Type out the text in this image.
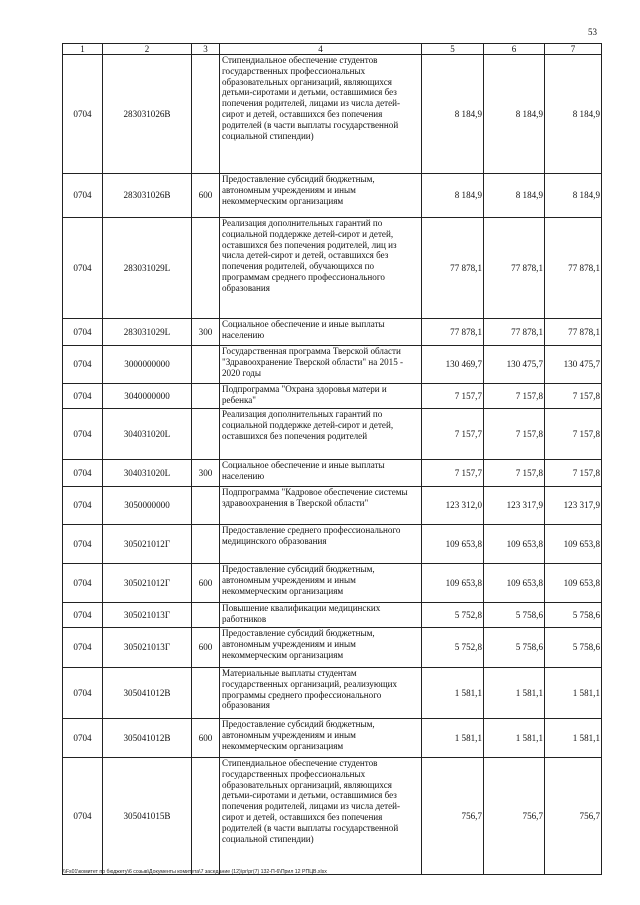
53
1	2	3	4	5	6	7
0704	283031026В		Стипендиальное обеспечение студентов государственных профессиональных образовательных организаций, являющихся детьми-сиротами и детьми, оставшимися без попечения родителей, лицами из числа детей-сирот и детей, оставшихся без попечения родителей (в части выплаты государственной социальной стипендии)	8 184,9	8 184,9	8 184,9
0704	283031026В	600	Предоставление субсидий бюджетным, автономным учреждениям и иным некоммерческим организациям	8 184,9	8 184,9	8 184,9
0704	283031029L		Реализация дополнительных гарантий по социальной поддержке детей-сирот и детей, оставшихся без попечения родителей, лиц из числа детей-сирот и детей, оставшихся без попечения родителей, обучающихся по программам среднего профессионального образования	77 878,1	77 878,1	77 878,1
0704	283031029L	300	Социальное обеспечение и иные выплаты населению	77 878,1	77 878,1	77 878,1
0704	3000000000		Государственная программа Тверской области "Здравоохранение Тверской области" на 2015 - 2020 годы	130 469,7	130 475,7	130 475,7
0704	3040000000		Подпрограмма "Охрана здоровья матери и ребенка"	7 157,7	7 157,8	7 157,8
0704	304031020L		Реализация дополнительных гарантий по социальной поддержке детей-сирот и детей, оставшихся без попечения родителей	7 157,7	7 157,8	7 157,8
0704	304031020L	300	Социальное обеспечение и иные выплаты населению	7 157,7	7 157,8	7 157,8
0704	3050000000		Подпрограмма "Кадровое обеспечение системы здравоохранения в Тверской области"	123 312,0	123 317,9	123 317,9
0704	305021012Г		Предоставление среднего профессионального медицинского образования	109 653,8	109 653,8	109 653,8
0704	305021012Г	600	Предоставление субсидий бюджетным, автономным учреждениям и иным некоммерческим организациям	109 653,8	109 653,8	109 653,8
0704	305021013Г		Повышение квалификации медицинских работников	5 752,8	5 758,6	5 758,6
0704	305021013Г	600	Предоставление субсидий бюджетным, автономным учреждениям и иным некоммерческим организациям	5 752,8	5 758,6	5 758,6
0704	305041012В		Материальные выплаты студентам государственных организаций, реализующих программы среднего профессионального образования	1 581,1	1 581,1	1 581,1
0704	305041012В	600	Предоставление субсидий бюджетным, автономным учреждениям и иным некоммерческим организациям	1 581,1	1 581,1	1 581,1
0704	305041015В		Стипендиальное обеспечение студентов государственных профессиональных образовательных организаций, являющихся детьми-сиротами и детьми, оставшимися без попечения родителей, лицами из числа детей-сирот и детей, оставшихся без попечения родителей (в части выплаты государственной социальной стипендии)	756,7	756,7	756,7
\\Fs01\комитет по бюджету\6 созыв\Документы комитета\7 заседание (12)\pr\pr(7) 132-П-6\Прил 12 РПЦВ.xlsx
